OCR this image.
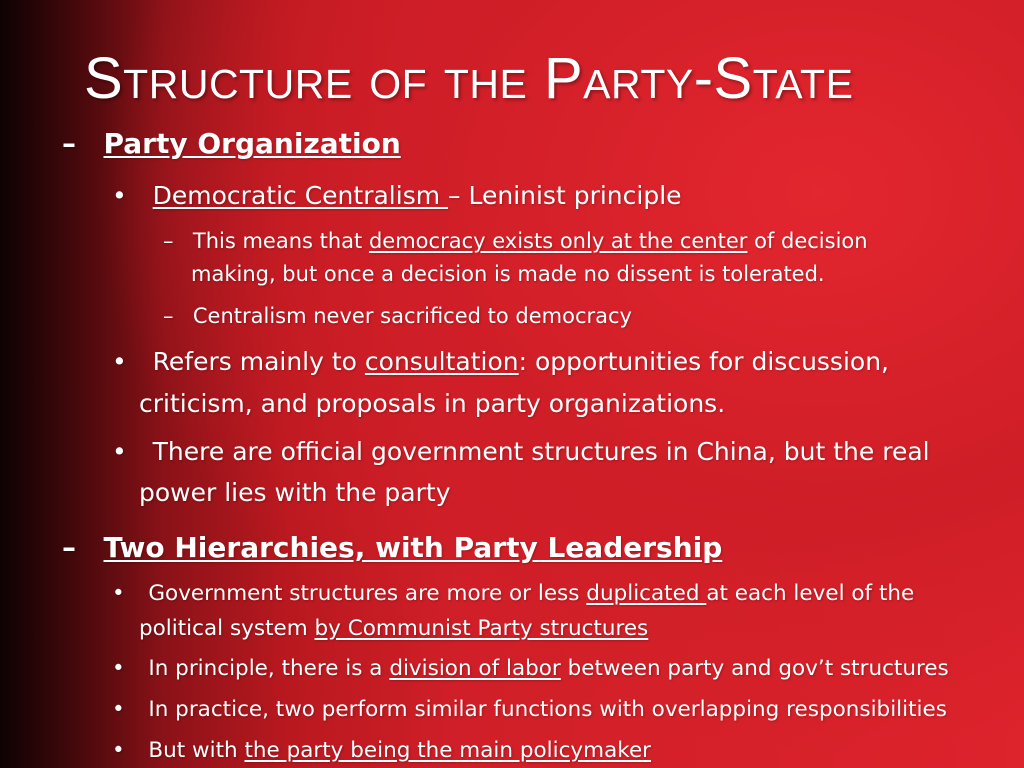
Structure of the Party-State
– Party Organization
• Democratic Centralism – Leninist principle
– This means that democracy exists only at the center of decision
making, but once a decision is made no dissent is tolerated.
– Centralism never sacrificed to democracy
• Refers mainly to consultation: opportunities for discussion,
criticism, and proposals in party organizations.
• There are official government structures in China, but the real
power lies with the party
– Two Hierarchies, with Party Leadership
• Government structures are more or less duplicated at each level of the
political system by Communist Party structures
• In principle, there is a division of labor between party and gov’t structures
• In practice, two perform similar functions with overlapping responsibilities
• But with the party being the main policymaker
